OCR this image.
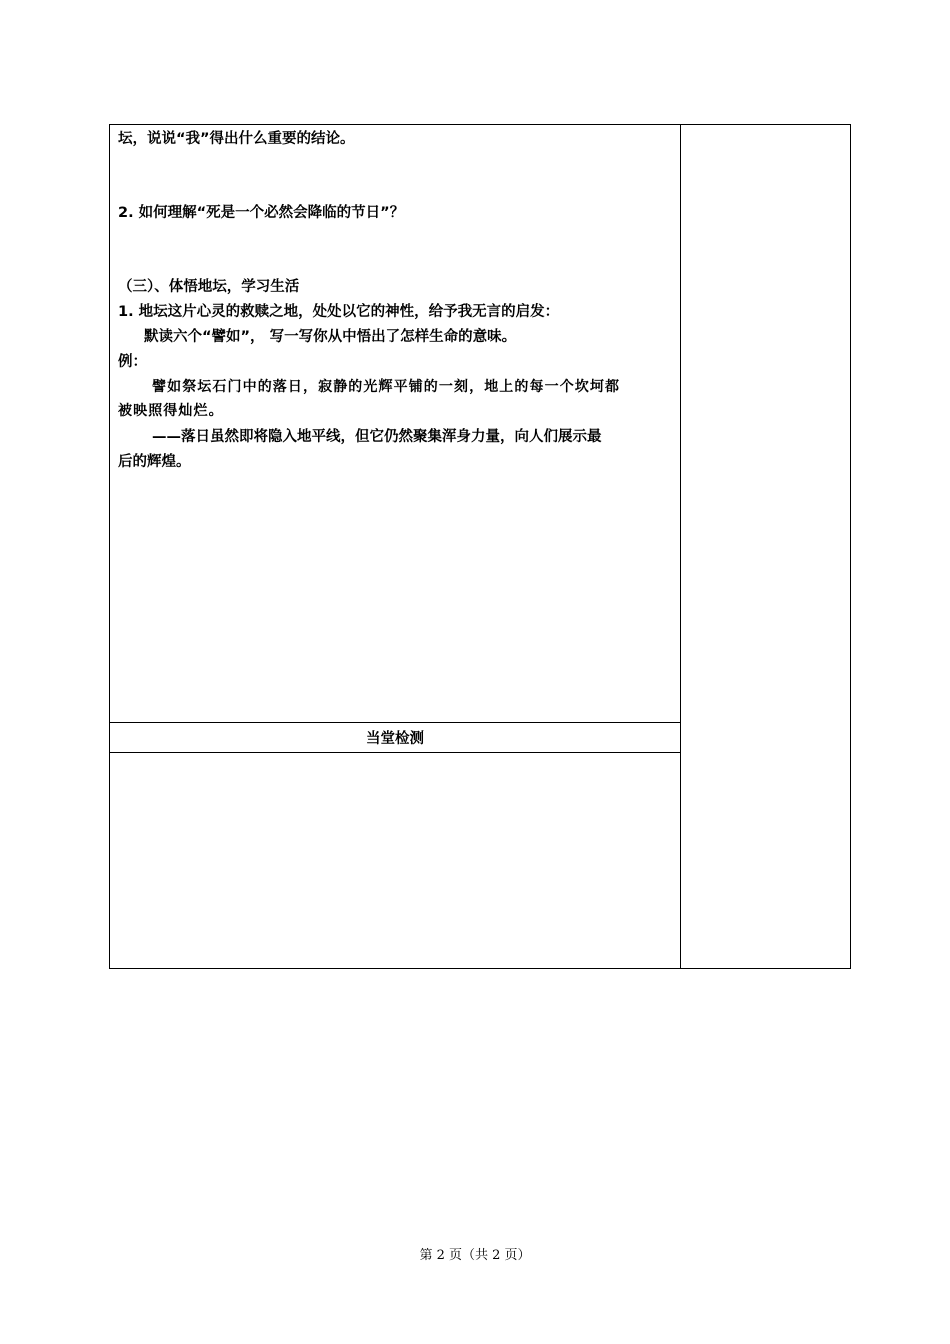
坛，说说“我”得出什么重要的结论。
2. 如何理解“死是一个必然会降临的节日”？
（三）、体悟地坛，学习生活
1. 地坛这片心灵的救赎之地，处处以它的神性，给予我无言的启发：
默读六个“譬如”， 写一写你从中悟出了怎样生命的意味。
例：
譬如祭坛石门中的落日，寂静的光辉平铺的一刻，地上的每一个坎坷都
被映照得灿烂。
——落日虽然即将隐入地平线，但它仍然聚集浑身力量，向人们展示最
后的辉煌。
当堂检测
第 2 页（共 2 页）
